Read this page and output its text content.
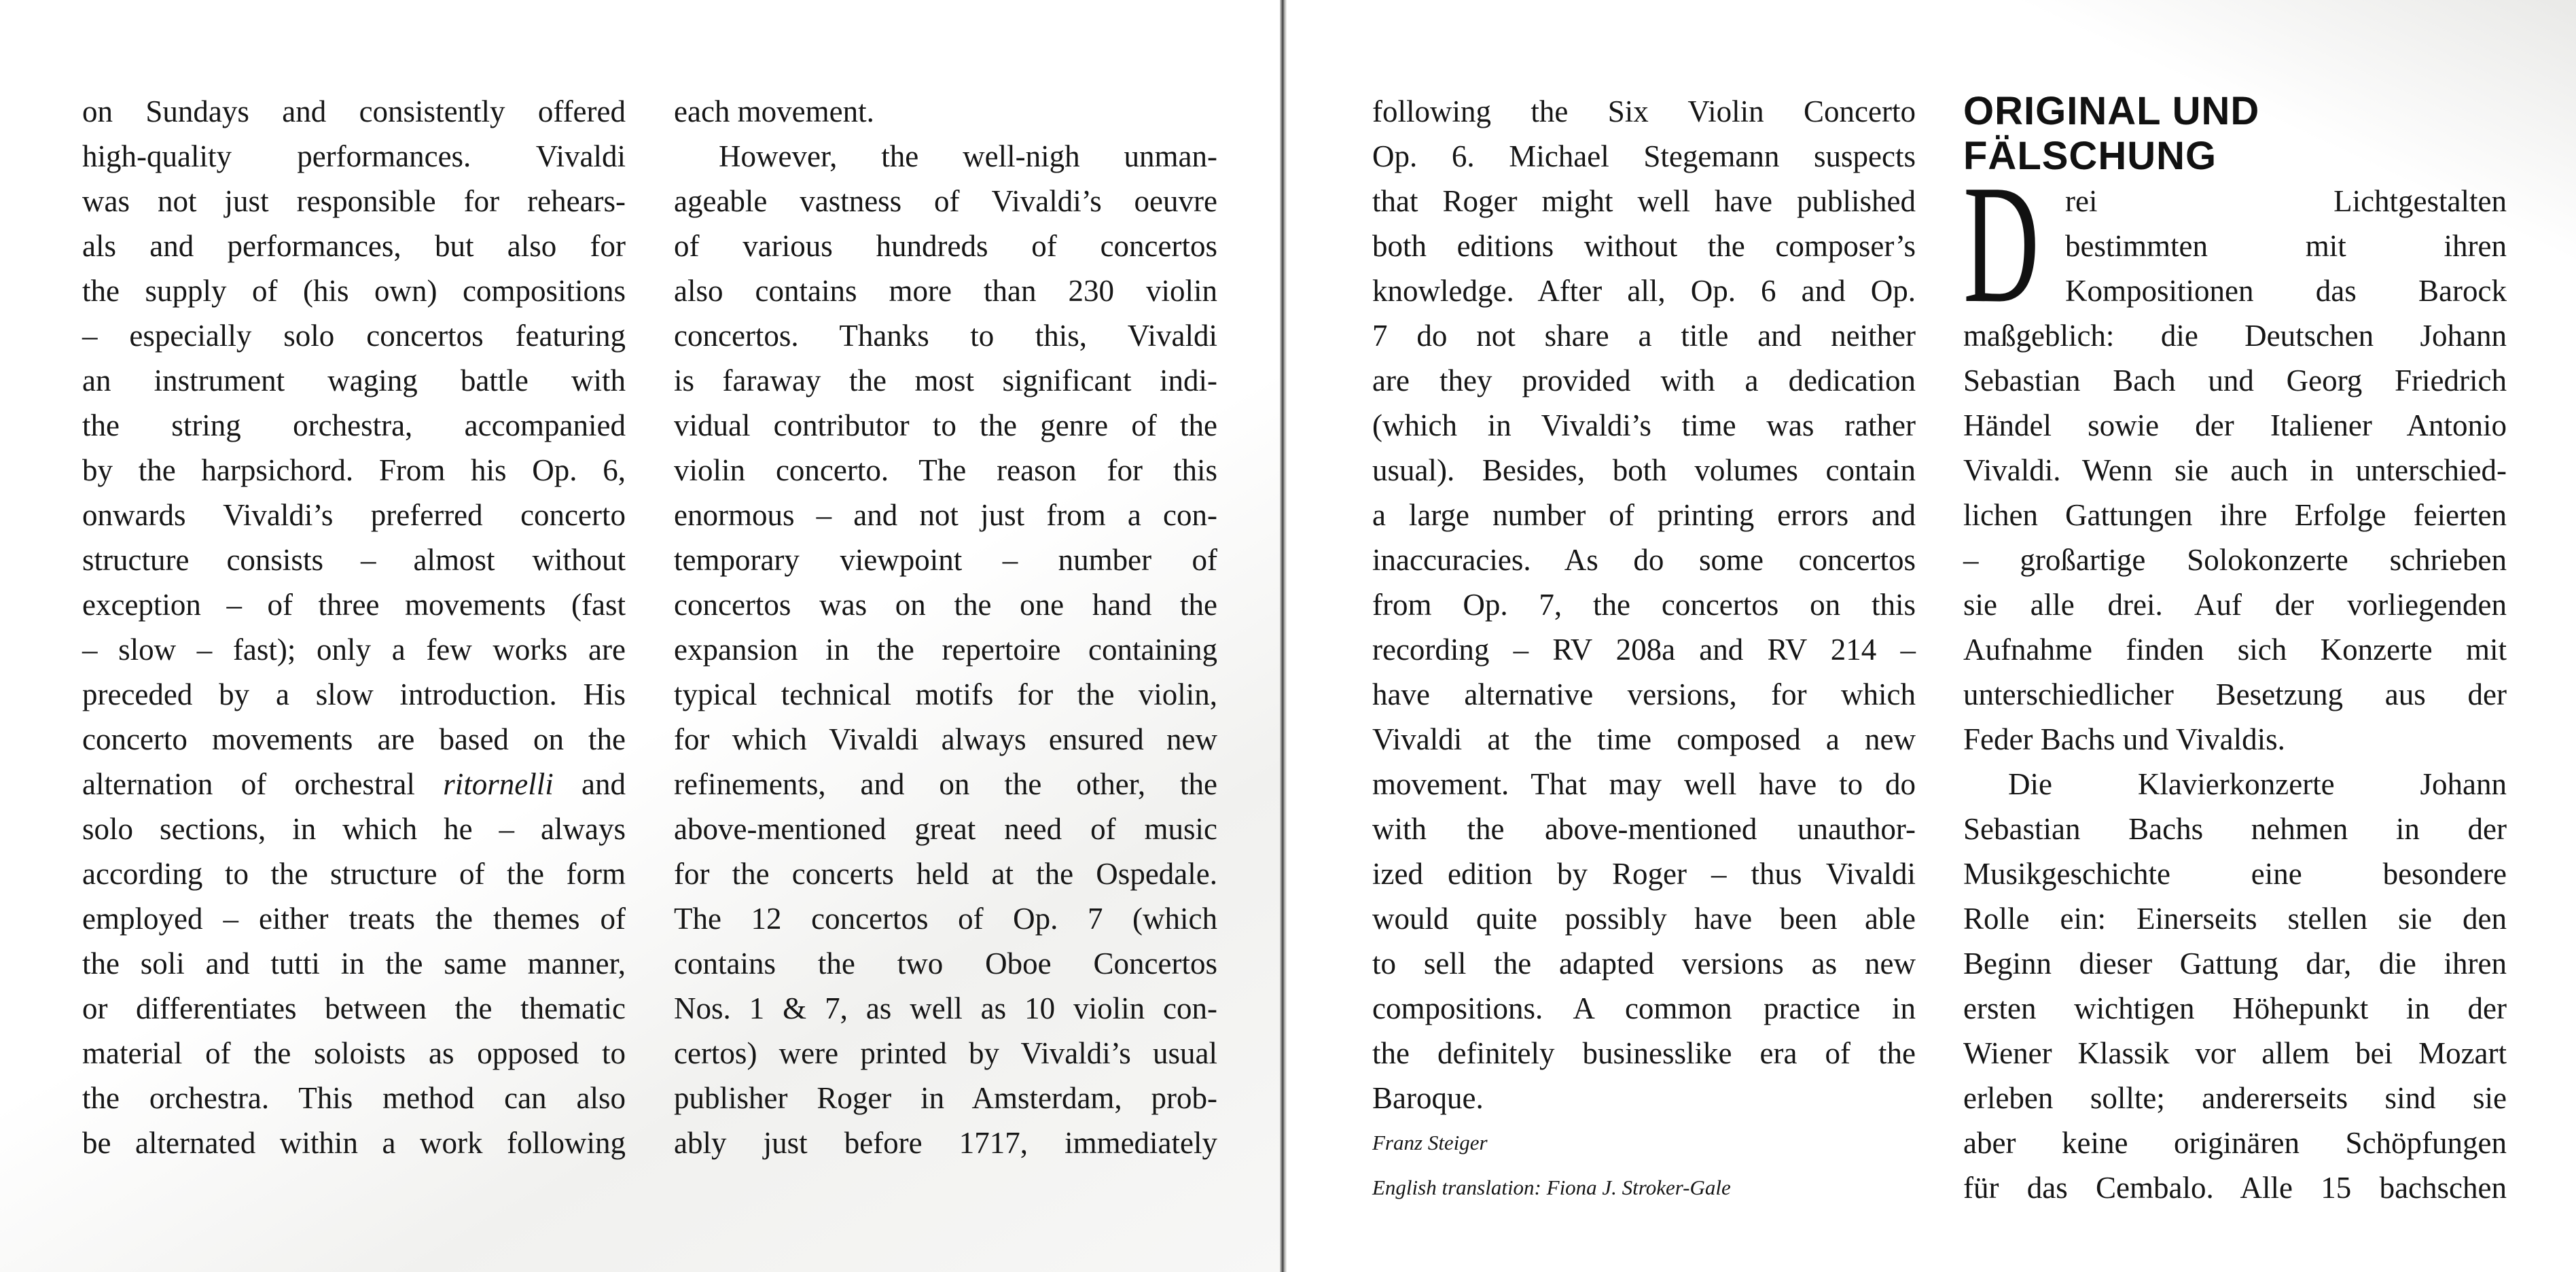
on Sundays and consistently offered
high-quality performances. Vivaldi
was not just responsible for rehears-
als and performances, but also for
the supply of (his own) compositions
– especially solo concertos featuring
an instrument waging battle with
the string orchestra, accompanied
by the harpsichord. From his Op. 6,
onwards Vivaldi’s preferred concerto
structure consists – almost without
exception – of three movements (fast
– slow – fast); only a few works are
preceded by a slow introduction. His
concerto movements are based on the
alternation of orchestral ritornelli and
solo sections, in which he – always
according to the structure of the form
employed – either treats the themes of
the soli and tutti in the same manner,
or differentiates between the thematic
material of the soloists as opposed to
the orchestra. This method can also
be alternated within a work following
each movement.
However, the well-nigh unman-
ageable vastness of Vivaldi’s oeuvre
of various hundreds of concertos
also contains more than 230 violin
concertos. Thanks to this, Vivaldi
is faraway the most significant indi-
vidual contributor to the genre of the
violin concerto. The reason for this
enormous – and not just from a con-
temporary viewpoint – number of
concertos was on the one hand the
expansion in the repertoire containing
typical technical motifs for the violin,
for which Vivaldi always ensured new
refinements, and on the other, the
above-mentioned great need of music
for the concerts held at the Ospedale.
The 12 concertos of Op. 7 (which
contains the two Oboe Concertos
Nos. 1 & 7, as well as 10 violin con-
certos) were printed by Vivaldi’s usual
publisher Roger in Amsterdam, prob-
ably just before 1717, immediately
following the Six Violin Concerto
Op. 6. Michael Stegemann suspects
that Roger might well have published
both editions without the composer’s
knowledge. After all, Op. 6 and Op.
7 do not share a title and neither
are they provided with a dedication
(which in Vivaldi’s time was rather
usual). Besides, both volumes contain
a large number of printing errors and
inaccuracies. As do some concertos
from Op. 7, the concertos on this
recording – RV 208a and RV 214 –
have alternative versions, for which
Vivaldi at the time composed a new
movement. That may well have to do
with the above-mentioned unauthor-
ized edition by Roger – thus Vivaldi
would quite possibly have been able
to sell the adapted versions as new
compositions. A common practice in
the definitely businesslike era of the
Baroque.
Franz Steiger
English translation: Fiona J. Stroker-Gale
ORIGINAL UND
FÄLSCHUNG
D rei Lichtgestalten
bestimmten mit ihren
Kompositionen das Barock
maßgeblich: die Deutschen Johann
Sebastian Bach und Georg Friedrich
Händel sowie der Italiener Antonio
Vivaldi. Wenn sie auch in unterschied-
lichen Gattungen ihre Erfolge feierten
– großartige Solokonzerte schrieben
sie alle drei. Auf der vorliegenden
Aufnahme finden sich Konzerte mit
unterschiedlicher Besetzung aus der
Feder Bachs und Vivaldis.
Die Klavierkonzerte Johann
Sebastian Bachs nehmen in der
Musikgeschichte eine besondere
Rolle ein: Einerseits stellen sie den
Beginn dieser Gattung dar, die ihren
ersten wichtigen Höhepunkt in der
Wiener Klassik vor allem bei Mozart
erleben sollte; andererseits sind sie
aber keine originären Schöpfungen
für das Cembalo. Alle 15 bachschen
